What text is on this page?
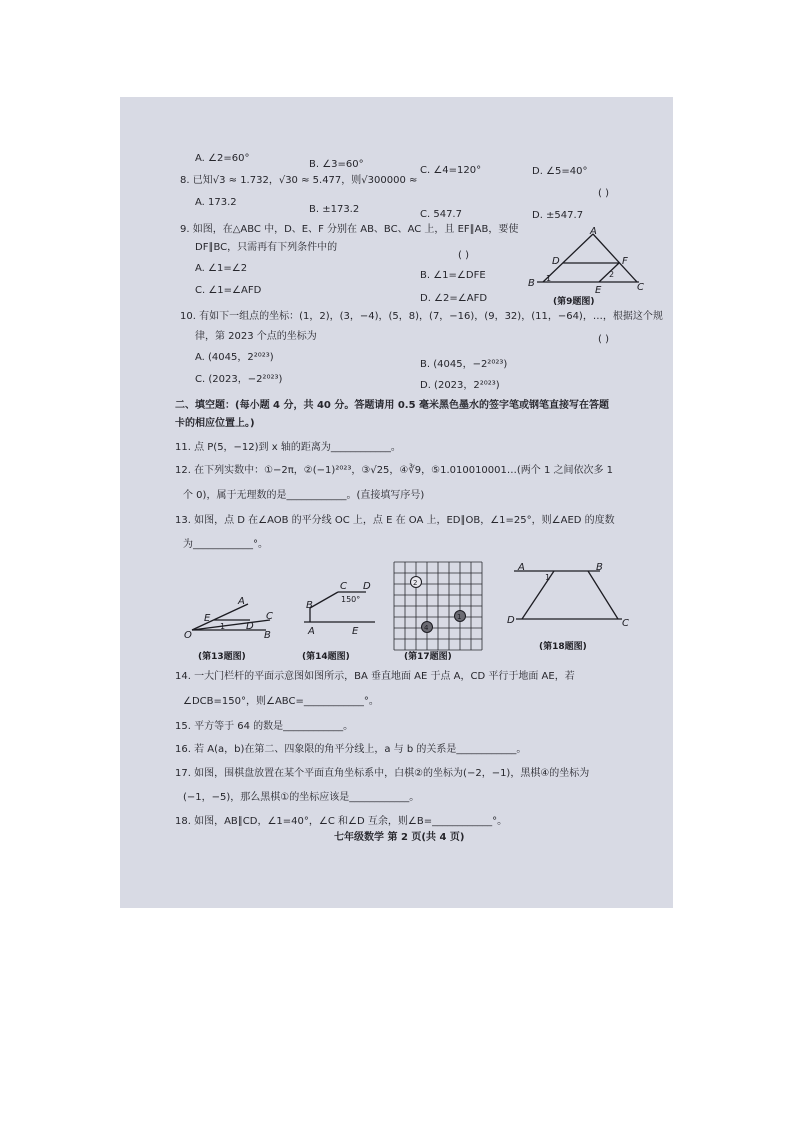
A. ∠2=60°
B. ∠3=60°
C. ∠4=120°	D. ∠5=40°
8. 已知√3 ≈ 1.732，√30 ≈ 5.477，则√300000 ≈
( )
A. 173.2
B. ±173.2	C. 547.7	D. ±547.7
9. 如图，在△ABC 中，D、E、F 分别在 AB、BC、AC 上，且 EF∥AB，要使
DF∥BC，只需再有下列条件中的
( )
A. ∠1=∠2
B. ∠1=∠DFE
C. ∠1=∠AFD
D. ∠2=∠AFD
A
B	C
D
E
F
1	2
(第9题图)
10. 有如下一组点的坐标：(1，2)，(3，−4)，(5，8)，(7，−16)，(9，32)，(11，−64)，…，根据这个规
律，第 2023 个点的坐标为	( )
A. (4045，2²⁰²³)
B. (4045，−2²⁰²³)
C. (2023，−2²⁰²³)
D. (2023，2²⁰²³)
二、填空题：(每小题 4 分，共 40 分。答题请用 0.5 毫米黑色墨水的签字笔或钢笔直接写在答题
卡的相应位置上。)
11. 点 P(5，−12)到 x 轴的距离为____________。
12. 在下列实数中：①−2π，②(−1)²⁰²³，③√25，④∛9，⑤1.010010001…(两个 1 之间依次多 1
个 0)，属于无理数的是____________。(直接填写序号)
13. 如图，点 D 在∠AOB 的平分线 OC 上，点 E 在 OA 上，ED∥OB，∠1=25°，则∠AED 的度数
为____________°。
A
C
E
D
O	B
1
(第13题图)
C D
B
A	E
150°
(第14题图)
2
4
1
(第17题图)
A	B
D	C
1
(第18题图)
14. 一大门栏杆的平面示意图如图所示，BA 垂直地面 AE 于点 A，CD 平行于地面 AE，若
∠DCB=150°，则∠ABC=____________°。
15. 平方等于 64 的数是____________。
16. 若 A(a，b)在第二、四象限的角平分线上，a 与 b 的关系是____________。
17. 如图，围棋盘放置在某个平面直角坐标系中，白棋②的坐标为(−2，−1)，黑棋④的坐标为
(−1，−5)，那么黑棋①的坐标应该是____________。
18. 如图，AB∥CD，∠1=40°，∠C 和∠D 互余，则∠B=____________°。
七年级数学 第 2 页(共 4 页)
